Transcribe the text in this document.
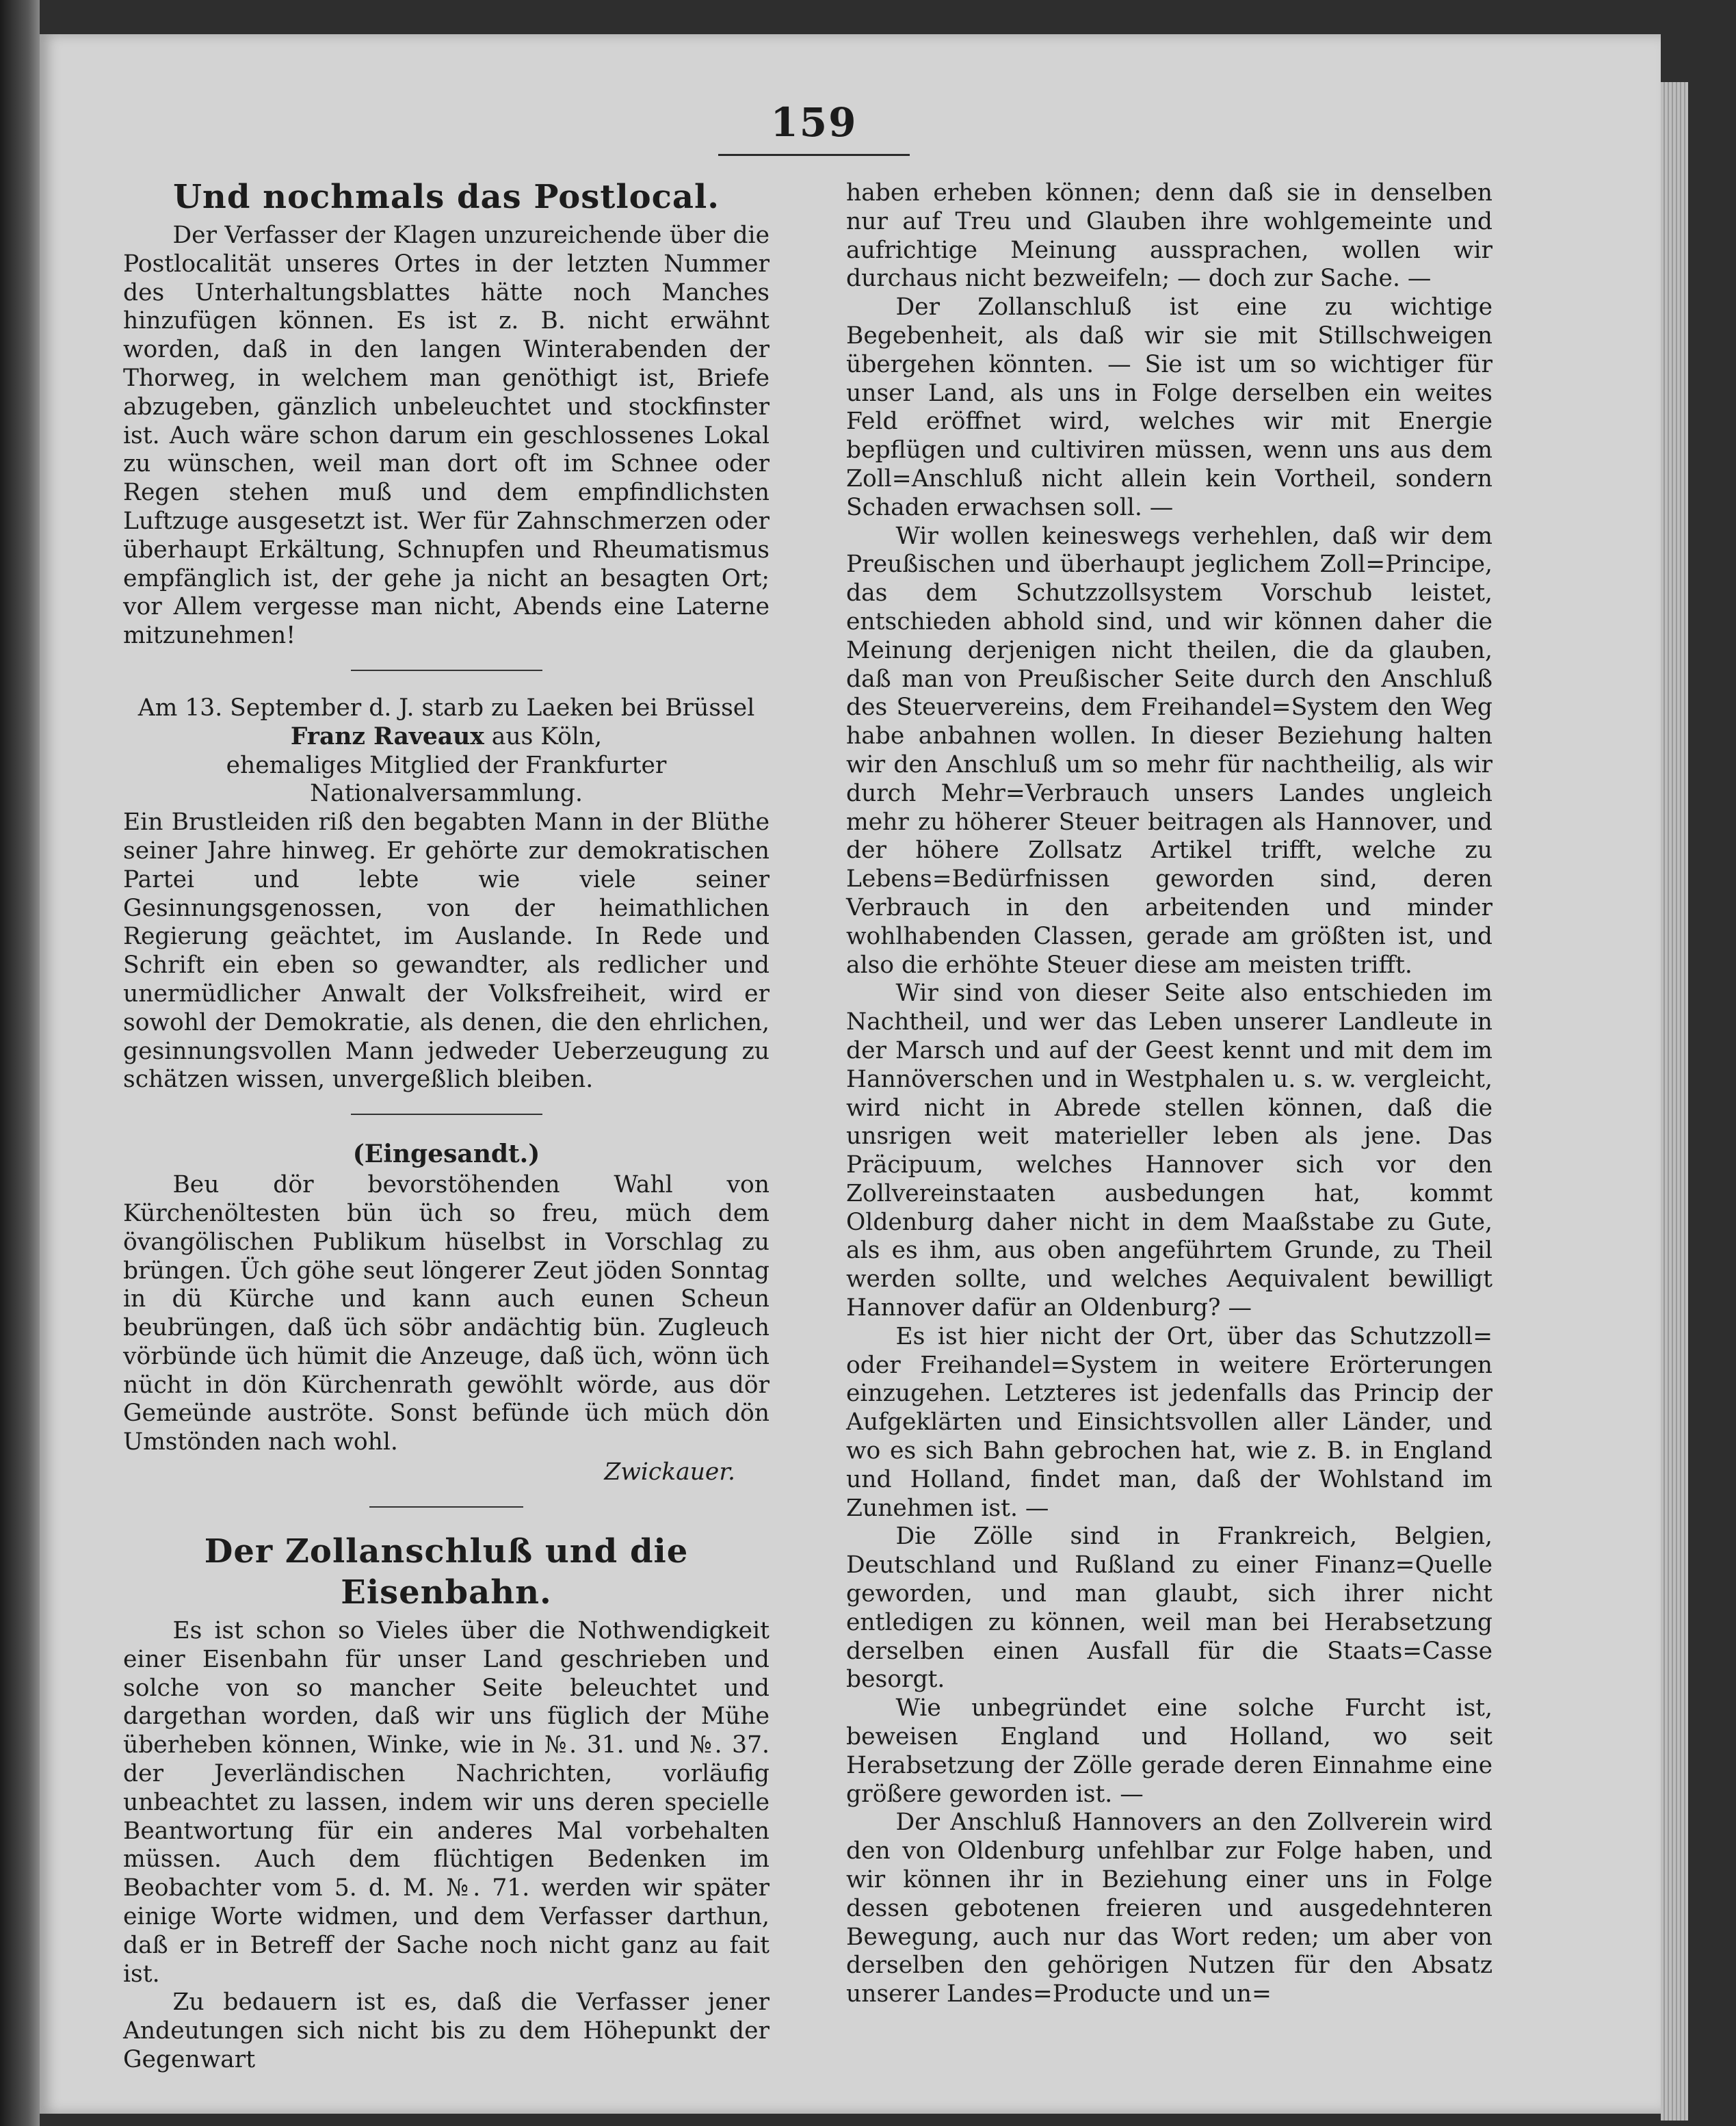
159
Und nochmals das Postlocal.

Der Verfasser der Klagen unzureichende über die Postlocalität unseres Ortes in der letzten Nummer des Unterhaltungsblattes hätte noch Manches hinzufügen können. Es ist z. B. nicht erwähnt worden, daß in den langen Winterabenden der Thorweg, in welchem man genöthigt ist, Briefe abzugeben, gänzlich unbeleuchtet und stockfinster ist. Auch wäre schon darum ein geschlossenes Lokal zu wünschen, weil man dort oft im Schnee oder Regen stehen muß und dem empfindlichsten Luftzuge ausgesetzt ist. Wer für Zahnschmerzen oder überhaupt Erkältung, Schnupfen und Rheumatismus empfänglich ist, der gehe ja nicht an besagten Ort; vor Allem vergesse man nicht, Abends eine Laterne mitzunehmen!

Am 13. September d. J. starb zu Laeken bei Brüssel
Franz Raveaux aus Köln,
ehemaliges Mitglied der Frankfurter Nationalversammlung.

Ein Brustleiden riß den begabten Mann in der Blüthe seiner Jahre hinweg. Er gehörte zur demokratischen Partei und lebte wie viele seiner Gesinnungsgenossen, von der heimathlichen Regierung geächtet, im Auslande. In Rede und Schrift ein eben so gewandter, als redlicher und unermüdlicher Anwalt der Volksfreiheit, wird er sowohl der Demokratie, als denen, die den ehrlichen, gesinnungsvollen Mann jedweder Ueberzeugung zu schätzen wissen, unvergeßlich bleiben.

(Eingesandt.)

Beu dör bevorstöhenden Wahl von Kürchenöltesten bün üch so freu, müch dem övangölischen Publikum hüselbst in Vorschlag zu brüngen. Üch göhe seut löngerer Zeut jöden Sonntag in dü Kürche und kann auch eunen Scheun beubrüngen, daß üch söbr andächtig bün. Zugleuch vörbünde üch hümit die Anzeuge, daß üch, wönn üch nücht in dön Kürchenrath gewöhlt wörde, aus dör Gemeünde auströte. Sonst befünde üch müch dön Umstönden nach wohl.

Zwickauer.
Der Zollanschluß und die Eisenbahn.

Es ist schon so Vieles über die Nothwendigkeit einer Eisenbahn für unser Land geschrieben und solche von so mancher Seite beleuchtet und dargethan worden, daß wir uns füglich der Mühe überheben können, Winke, wie in №. 31. und №. 37. der Jeverländischen Nachrichten, vorläufig unbeachtet zu lassen, indem wir uns deren specielle Beantwortung für ein anderes Mal vorbehalten müssen. Auch dem flüchtigen Bedenken im Beobachter vom 5. d. M. №. 71. werden wir später einige Worte widmen, und dem Verfasser darthun, daß er in Betreff der Sache noch nicht ganz au fait ist.

Zu bedauern ist es, daß die Verfasser jener Andeutungen sich nicht bis zu dem Höhepunkt der Gegenwart

haben erheben können; denn daß sie in denselben nur auf Treu und Glauben ihre wohlgemeinte und aufrichtige Meinung aussprachen, wollen wir durchaus nicht bezweifeln; — doch zur Sache. —

Der Zollanschluß ist eine zu wichtige Begebenheit, als daß wir sie mit Stillschweigen übergehen könnten. — Sie ist um so wichtiger für unser Land, als uns in Folge derselben ein weites Feld eröffnet wird, welches wir mit Energie bepflügen und cultiviren müssen, wenn uns aus dem Zoll=Anschluß nicht allein kein Vortheil, sondern Schaden erwachsen soll. —

Wir wollen keineswegs verhehlen, daß wir dem Preußischen und überhaupt jeglichem Zoll=Principe, das dem Schutzzollsystem Vorschub leistet, entschieden abhold sind, und wir können daher die Meinung derjenigen nicht theilen, die da glauben, daß man von Preußischer Seite durch den Anschluß des Steuervereins, dem Freihandel=System den Weg habe anbahnen wollen. In dieser Beziehung halten wir den Anschluß um so mehr für nachtheilig, als wir durch Mehr=Verbrauch unsers Landes ungleich mehr zu höherer Steuer beitragen als Hannover, und der höhere Zollsatz Artikel trifft, welche zu Lebens=Bedürfnissen geworden sind, deren Verbrauch in den arbeitenden und minder wohlhabenden Classen, gerade am größten ist, und also die erhöhte Steuer diese am meisten trifft.

Wir sind von dieser Seite also entschieden im Nachtheil, und wer das Leben unserer Landleute in der Marsch und auf der Geest kennt und mit dem im Hannöverschen und in Westphalen u. s. w. vergleicht, wird nicht in Abrede stellen können, daß die unsrigen weit materieller leben als jene. Das Präcipuum, welches Hannover sich vor den Zollvereinstaaten ausbedungen hat, kommt Oldenburg daher nicht in dem Maaßstabe zu Gute, als es ihm, aus oben angeführtem Grunde, zu Theil werden sollte, und welches Aequivalent bewilligt Hannover dafür an Oldenburg? —

Es ist hier nicht der Ort, über das Schutzzoll= oder Freihandel=System in weitere Erörterungen einzugehen. Letzteres ist jedenfalls das Princip der Aufgeklärten und Einsichtsvollen aller Länder, und wo es sich Bahn gebrochen hat, wie z. B. in England und Holland, findet man, daß der Wohlstand im Zunehmen ist. —

Die Zölle sind in Frankreich, Belgien, Deutschland und Rußland zu einer Finanz=Quelle geworden, und man glaubt, sich ihrer nicht entledigen zu können, weil man bei Herabsetzung derselben einen Ausfall für die Staats=Casse besorgt.

Wie unbegründet eine solche Furcht ist, beweisen England und Holland, wo seit Herabsetzung der Zölle gerade deren Einnahme eine größere geworden ist. —

Der Anschluß Hannovers an den Zollverein wird den von Oldenburg unfehlbar zur Folge haben, und wir können ihr in Beziehung einer uns in Folge dessen gebotenen freieren und ausgedehnteren Bewegung, auch nur das Wort reden; um aber von derselben den gehörigen Nutzen für den Absatz unserer Landes=Producte und un=
